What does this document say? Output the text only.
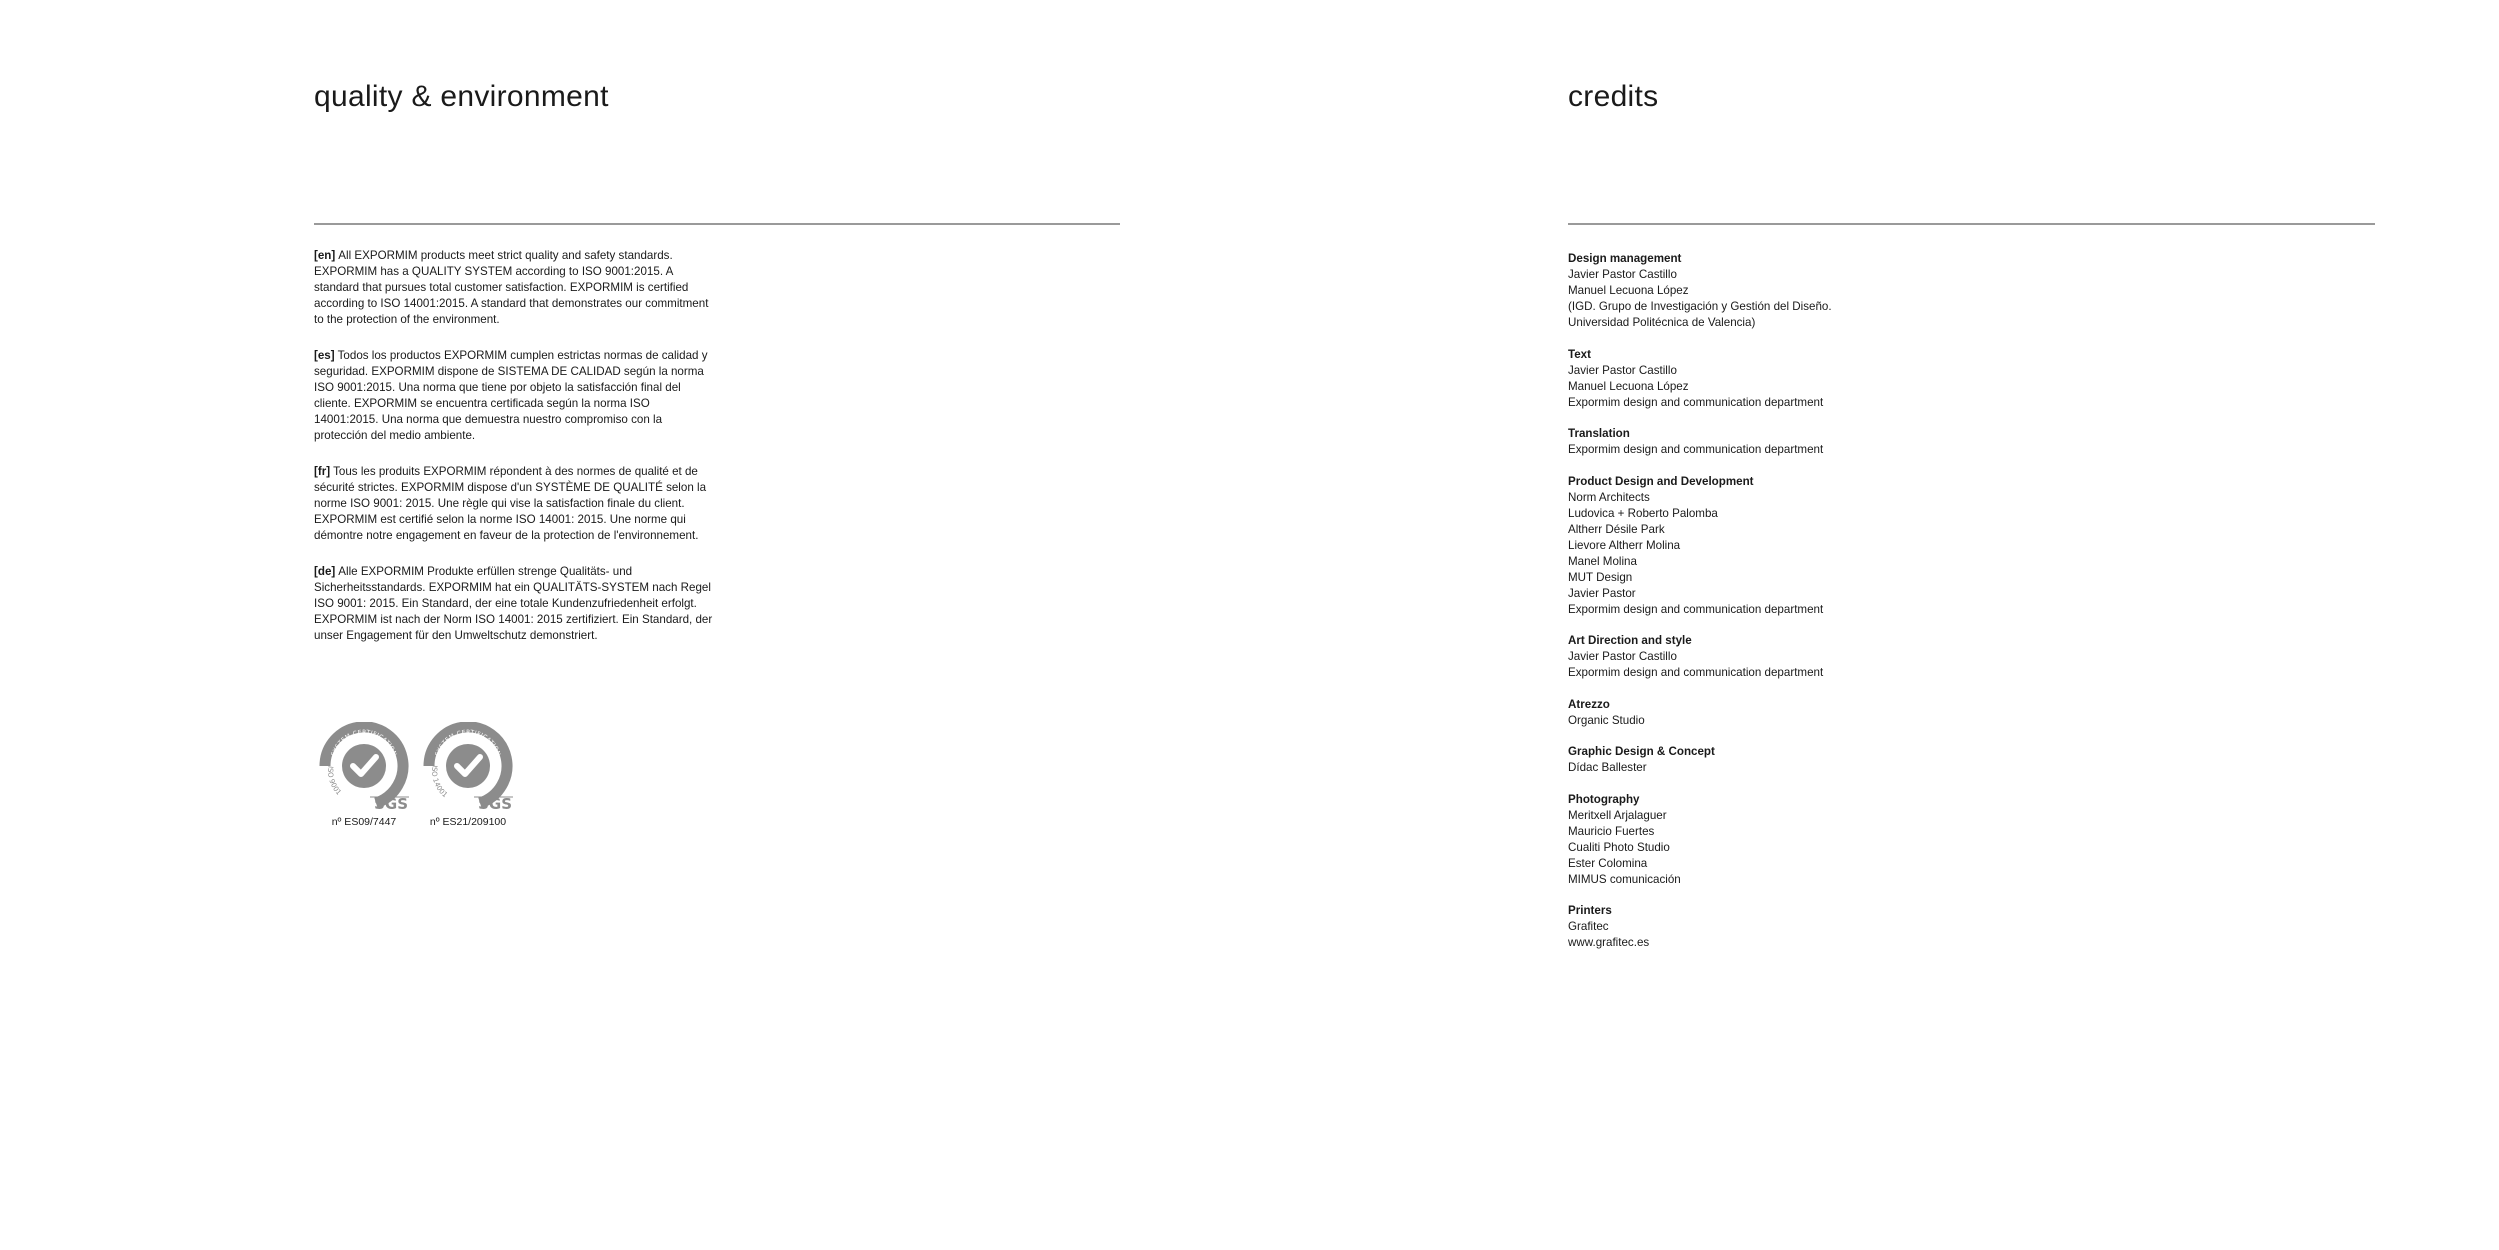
quality & environment

[en] All EXPORMIM products meet strict quality and safety standards. EXPORMIM has a QUALITY SYSTEM according to ISO 9001:2015. A standard that pursues total customer satisfaction. EXPORMIM is certified according to ISO 14001:2015. A standard that demonstrates our commitment to the protection of the environment.

[es] Todos los productos EXPORMIM cumplen estrictas normas de calidad y seguridad. EXPORMIM dispone de SISTEMA DE CALIDAD según la norma ISO 9001:2015. Una norma que tiene por objeto la satisfacción final del cliente. EXPORMIM se encuentra certificada según la norma ISO 14001:2015. Una norma que demuestra nuestro compromiso con la protección del medio ambiente.

[fr] Tous les produits EXPORMIM répondent à des normes de qualité et de sécurité strictes. EXPORMIM dispose d'un SYSTÈME DE QUALITÉ selon la norme ISO 9001: 2015. Une règle qui vise la satisfaction finale du client. EXPORMIM est certifié selon la norme ISO 14001: 2015. Une norme qui démontre notre engagement en faveur de la protection de l'environnement.

[de] Alle EXPORMIM Produkte erfüllen strenge Qualitäts- und Sicherheitsstandards. EXPORMIM hat ein QUALITÄTS-SYSTEM nach Regel ISO 9001: 2015. Ein Standard, der eine totale Kundenzufriedenheit erfolgt. EXPORMIM ist nach der Norm ISO 14001: 2015 zertifiziert. Ein Standard, der unser Engagement für den Umweltschutz demonstriert.

SYSTEM CERTIFICATION
ISO 9001
SGS
nº ES09/7447
SYSTEM CERTIFICATION
ISO 14001
SGS
nº ES21/209100
credits
Design management
Javier Pastor Castillo
Manuel Lecuona López
(IGD. Grupo de Investigación y Gestión del Diseño.
Universidad Politécnica de Valencia)
Text
Javier Pastor Castillo
Manuel Lecuona López
Expormim design and communication department
Translation
Expormim design and communication department
Product Design and Development
Norm Architects
Ludovica + Roberto Palomba
Altherr Désile Park
Lievore Altherr Molina
Manel Molina
MUT Design
Javier Pastor
Expormim design and communication department
Art Direction and style
Javier Pastor Castillo
Expormim design and communication department
Atrezzo
Organic Studio
Graphic Design & Concept
Dídac Ballester
Photography
Meritxell Arjalaguer
Mauricio Fuertes
Cualiti Photo Studio
Ester Colomina
MIMUS comunicación
Printers
Grafitec
www.grafitec.es
